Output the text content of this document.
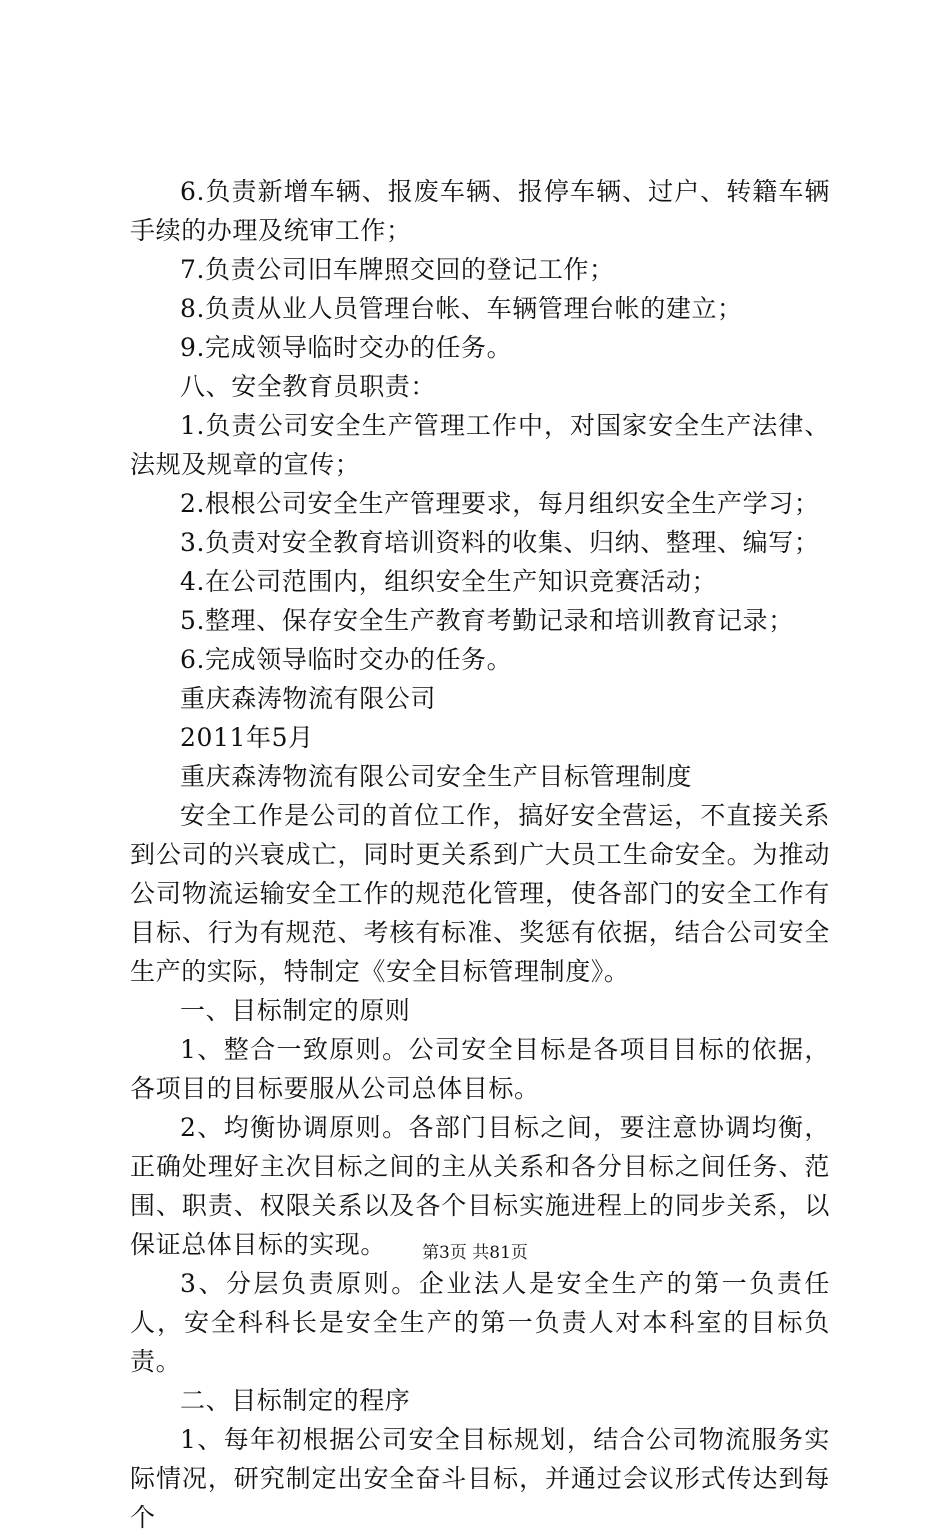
6.负责新增车辆、报废车辆、报停车辆、过户、转籍车辆手续的办理及统审工作；

7.负责公司旧车牌照交回的登记工作；

8.负责从业人员管理台帐、车辆管理台帐的建立；

9.完成领导临时交办的任务。

八、安全教育员职责：

1.负责公司安全生产管理工作中，对国家安全生产法律、法规及规章的宣传；

2.根根公司安全生产管理要求，每月组织安全生产学习；

3.负责对安全教育培训资料的收集、归纳、整理、编写；

4.在公司范围内，组织安全生产知识竞赛活动；

5.整理、保存安全生产教育考勤记录和培训教育记录；

6.完成领导临时交办的任务。

重庆森涛物流有限公司

2011年5月

重庆森涛物流有限公司安全生产目标管理制度

安全工作是公司的首位工作，搞好安全营运，不直接关系到公司的兴衰成亡，同时更关系到广大员工生命安全。为推动公司物流运输安全工作的规范化管理，使各部门的安全工作有目标、行为有规范、考核有标准、奖惩有依据，结合公司安全生产的实际，特制定《安全目标管理制度》。

一、目标制定的原则

1、整合一致原则。公司安全目标是各项目目标的依据，各项目的目标要服从公司总体目标。

2、均衡协调原则。各部门目标之间，要注意协调均衡，正确处理好主次目标之间的主从关系和各分目标之间任务、范围、职责、权限关系以及各个目标实施进程上的同步关系，以保证总体目标的实现。

3、分层负责原则。企业法人是安全生产的第一负责任人，安全科科长是安全生产的第一负责人对本科室的目标负责。

二、目标制定的程序

1、每年初根据公司安全目标规划，结合公司物流服务实际情况，研究制定出安全奋斗目标，并通过会议形式传达到每个

第3页 共81页
